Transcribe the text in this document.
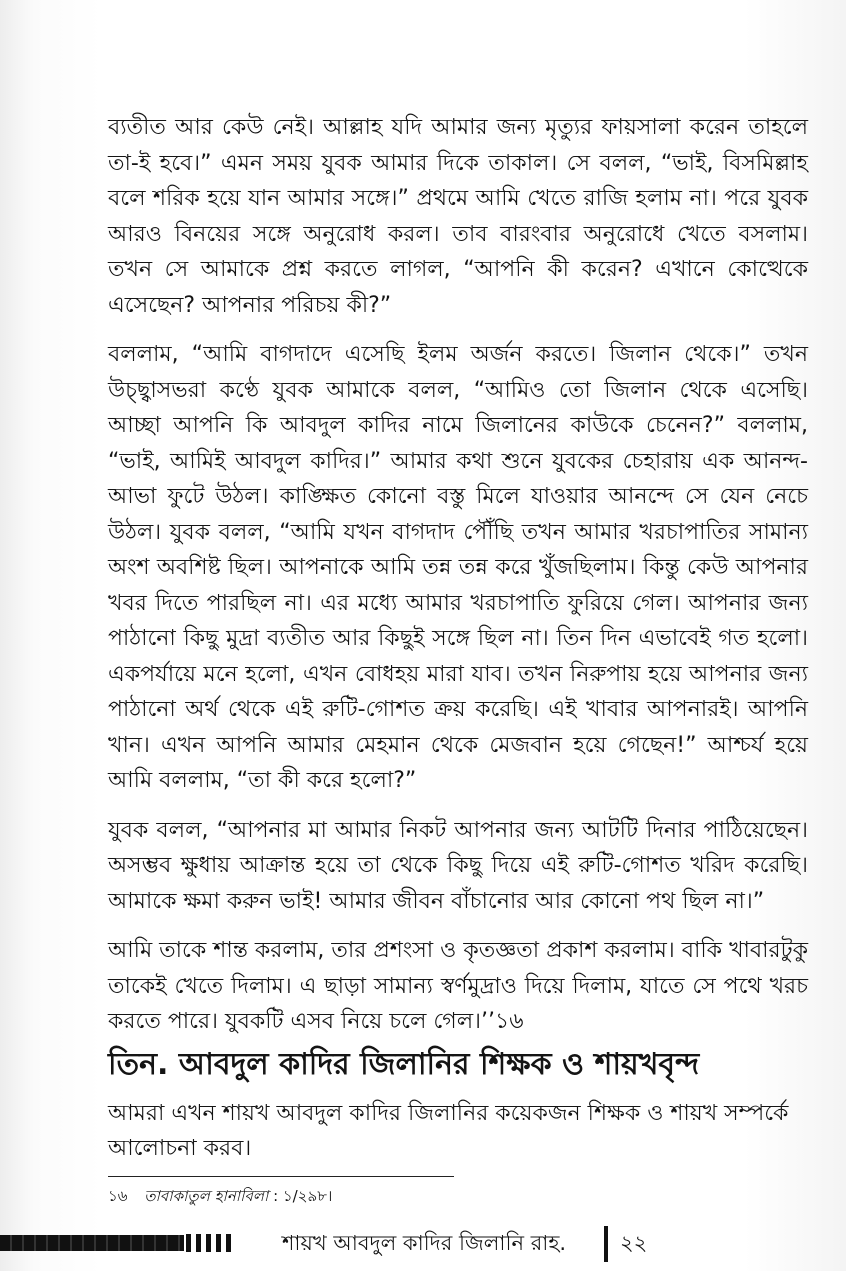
ব্যতীত আর কেউ নেই। আল্লাহ যদি আমার জন্য মৃত্যুর ফায়সালা করেন তাহলে তা-ই হবে।” এমন সময় যুবক আমার দিকে তাকাল। সে বলল, “ভাই, বিসমিল্লাহ বলে শরিক হয়ে যান আমার সঙ্গে।” প্রথমে আমি খেতে রাজি হলাম না। পরে যুবক আরও বিনয়ের সঙ্গে অনুরোধ করল। তাব বারংবার অনুরোধে খেতে বসলাম। তখন সে আমাকে প্রশ্ন করতে লাগল, “আপনি কী করেন? এখানে কোত্থেকে এসেছেন? আপনার পরিচয় কী?”

বললাম, “আমি বাগদাদে এসেছি ইলম অর্জন করতে। জিলান থেকে।” তখন উচ্ছ্বাসভরা কণ্ঠে যুবক আমাকে বলল, “আমিও তো জিলান থেকে এসেছি। আচ্ছা আপনি কি আবদুল কাদির নামে জিলানের কাউকে চেনেন?” বললাম, “ভাই, আমিই আবদুল কাদির।” আমার কথা শুনে যুবকের চেহারায় এক আনন্দ-আভা ফুটে উঠল। কাঙ্ক্ষিত কোনো বস্তু মিলে যাওয়ার আনন্দে সে যেন নেচে উঠল। যুবক বলল, “আমি যখন বাগদাদ পৌঁছি তখন আমার খরচাপাতির সামান্য অংশ অবশিষ্ট ছিল। আপনাকে আমি তন্ন তন্ন করে খুঁজছিলাম। কিন্তু কেউ আপনার খবর দিতে পারছিল না। এর মধ্যে আমার খরচাপাতি ফুরিয়ে গেল। আপনার জন্য পাঠানো কিছু মুদ্রা ব্যতীত আর কিছুই সঙ্গে ছিল না। তিন দিন এভাবেই গত হলো। একপর্যায়ে মনে হলো, এখন বোধহয় মারা যাব। তখন নিরুপায় হয়ে আপনার জন্য পাঠানো অর্থ থেকে এই রুটি-গোশত ক্রয় করেছি। এই খাবার আপনারই। আপনি খান। এখন আপনি আমার মেহমান থেকে মেজবান হয়ে গেছেন!” আশ্চর্য হয়ে আমি বললাম, “তা কী করে হলো?”

যুবক বলল, “আপনার মা আমার নিকট আপনার জন্য আটটি দিনার পাঠিয়েছেন। অসম্ভব ক্ষুধায় আক্রান্ত হয়ে তা থেকে কিছু দিয়ে এই রুটি-গোশত খরিদ করেছি। আমাকে ক্ষমা করুন ভাই! আমার জীবন বাঁচানোর আর কোনো পথ ছিল না।”

আমি তাকে শান্ত করলাম, তার প্রশংসা ও কৃতজ্ঞতা প্রকাশ করলাম। বাকি খাবারটুকু তাকেই খেতে দিলাম। এ ছাড়া সামান্য স্বর্ণমুদ্রাও দিয়ে দিলাম, যাতে সে পথে খরচ করতে পারে। যুবকটি এসব নিয়ে চলে গেল।’’১৬

তিন. আবদুল কাদির জিলানির শিক্ষক ও শায়খবৃন্দ

আমরা এখন শায়খ আবদুল কাদির জিলানির কয়েকজন শিক্ষক ও শায়খ সম্পর্কে আলোচনা করব।

১৬ তাবাকাতুল হানাবিলা : ১/২৯৮।
শায়খ আবদুল কাদির জিলানি রাহ.	২২
